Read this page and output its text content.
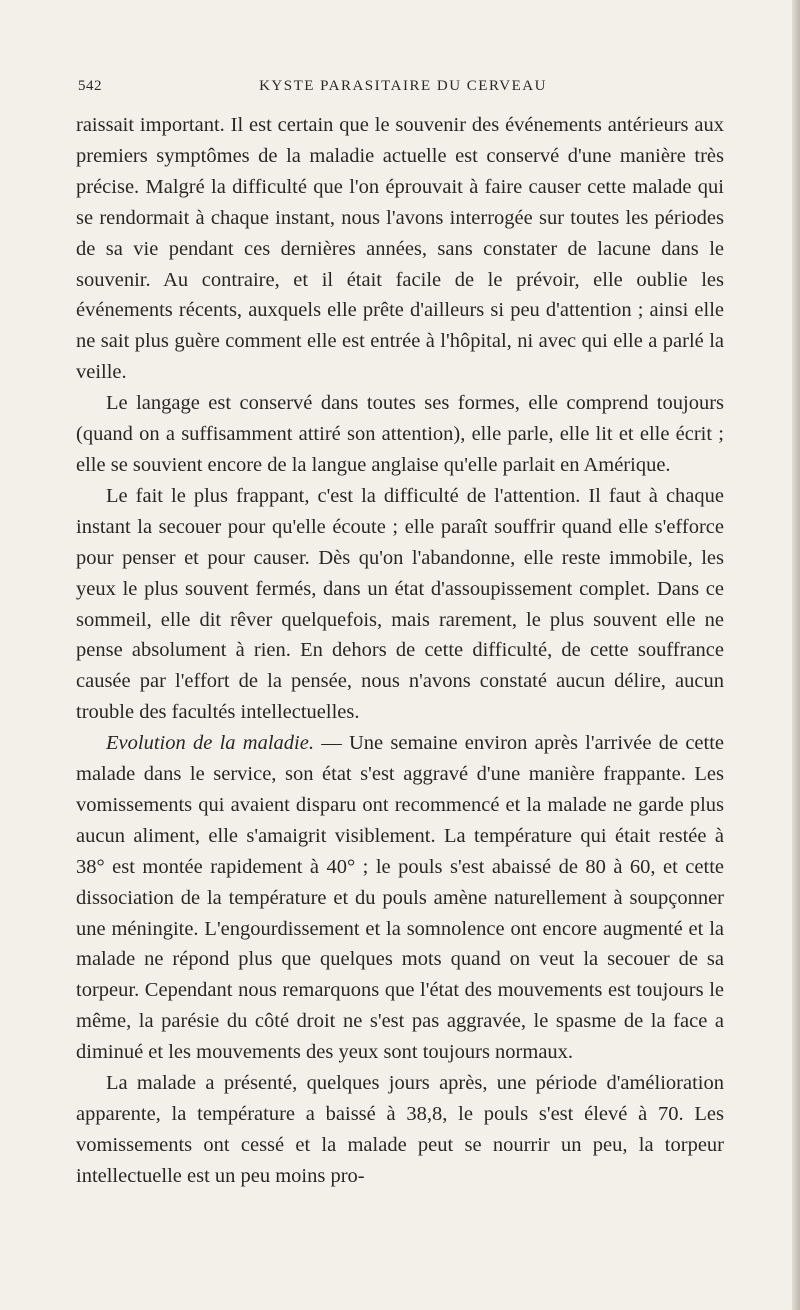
542	KYSTE PARASITAIRE DU CERVEAU

raissait important. Il est certain que le souvenir des événements antérieurs aux premiers symptômes de la maladie actuelle est conservé d'une manière très précise. Malgré la difficulté que l'on éprouvait à faire causer cette malade qui se rendormait à chaque instant, nous l'avons interrogée sur toutes les périodes de sa vie pendant ces dernières années, sans constater de lacune dans le souvenir. Au contraire, et il était facile de le prévoir, elle oublie les événements récents, auxquels elle prête d'ailleurs si peu d'attention ; ainsi elle ne sait plus guère comment elle est entrée à l'hôpital, ni avec qui elle a parlé la veille.

Le langage est conservé dans toutes ses formes, elle comprend toujours (quand on a suffisamment attiré son attention), elle parle, elle lit et elle écrit ; elle se souvient encore de la langue anglaise qu'elle parlait en Amérique.

Le fait le plus frappant, c'est la difficulté de l'attention. Il faut à chaque instant la secouer pour qu'elle écoute ; elle paraît souffrir quand elle s'efforce pour penser et pour causer. Dès qu'on l'abandonne, elle reste immobile, les yeux le plus souvent fermés, dans un état d'assoupissement complet. Dans ce sommeil, elle dit rêver quelquefois, mais rarement, le plus souvent elle ne pense absolument à rien. En dehors de cette difficulté, de cette souffrance causée par l'effort de la pensée, nous n'avons constaté aucun délire, aucun trouble des facultés intellectuelles.

Evolution de la maladie. — Une semaine environ après l'arrivée de cette malade dans le service, son état s'est aggravé d'une manière frappante. Les vomissements qui avaient disparu ont recommencé et la malade ne garde plus aucun aliment, elle s'amaigrit visiblement. La température qui était restée à 38° est montée rapidement à 40° ; le pouls s'est abaissé de 80 à 60, et cette dissociation de la température et du pouls amène naturellement à soupçonner une méningite. L'engourdissement et la somnolence ont encore augmenté et la malade ne répond plus que quelques mots quand on veut la secouer de sa torpeur. Cependant nous remarquons que l'état des mouvements est toujours le même, la parésie du côté droit ne s'est pas aggravée, le spasme de la face a diminué et les mouvements des yeux sont toujours normaux.

La malade a présenté, quelques jours après, une période d'amélioration apparente, la température a baissé à 38,8, le pouls s'est élevé à 70. Les vomissements ont cessé et la malade peut se nourrir un peu, la torpeur intellectuelle est un peu moins pro-
